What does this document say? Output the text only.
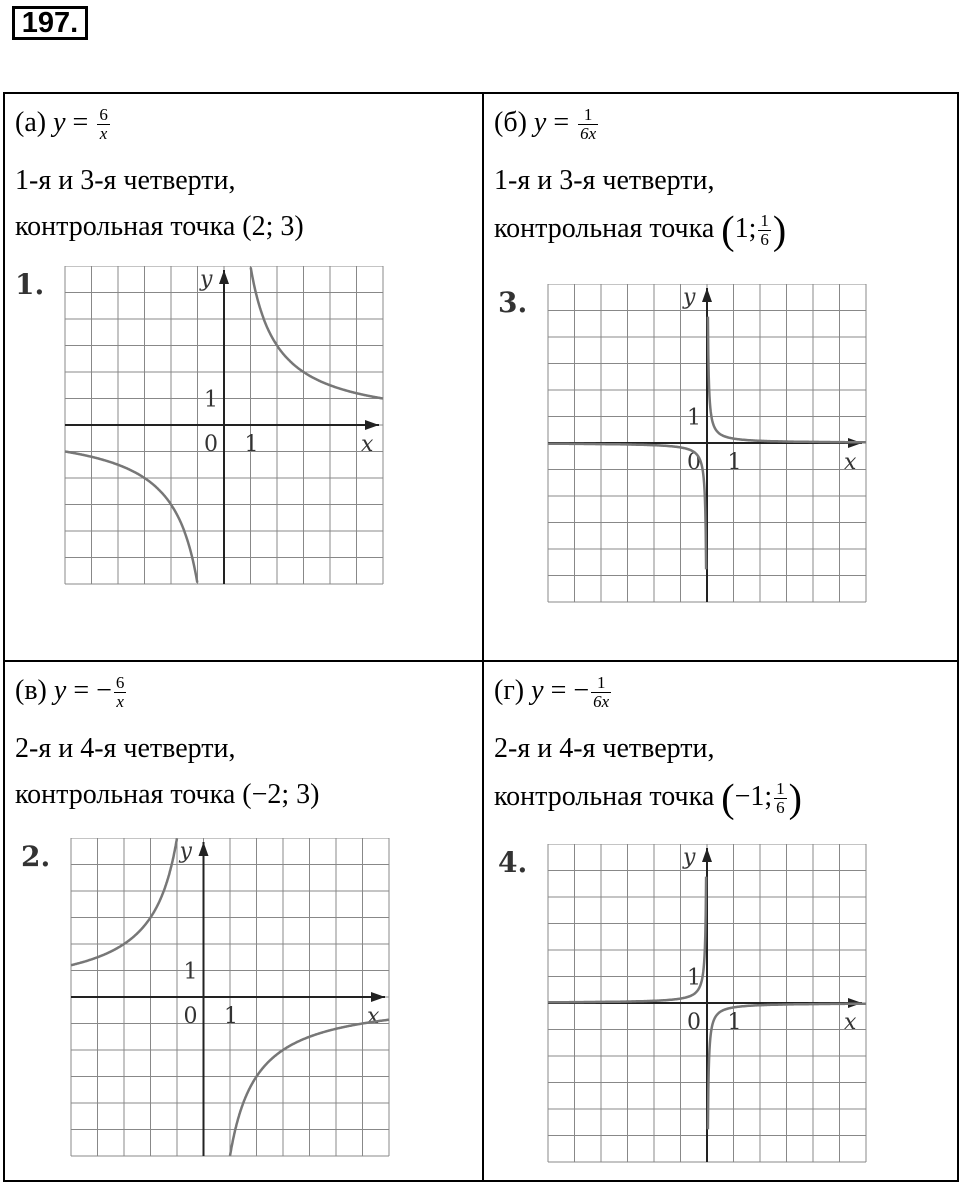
197.
(а) $y = \frac{6}{x}$
1-я и 3-я четверти,
контрольная точка (2; 3)
1.	y
x
1
1
0
(б) $y = \frac{1}{6x}$
1-я и 3-я четверти,
контрольная точка (1; $\frac{1}{6}$ )
3.	y
x
1
1
0
(в) y = − $\frac{6}{x}$
2-я и 4-я четверти,
контрольная точка (−2; 3)
2.	y
x
1
1
0
(г) y = − $\frac{1}{6x}$
2-я и 4-я четверти,
контрольная точка (−1; $\frac{1}{6}$ )
4.	y
x
1
1
0
